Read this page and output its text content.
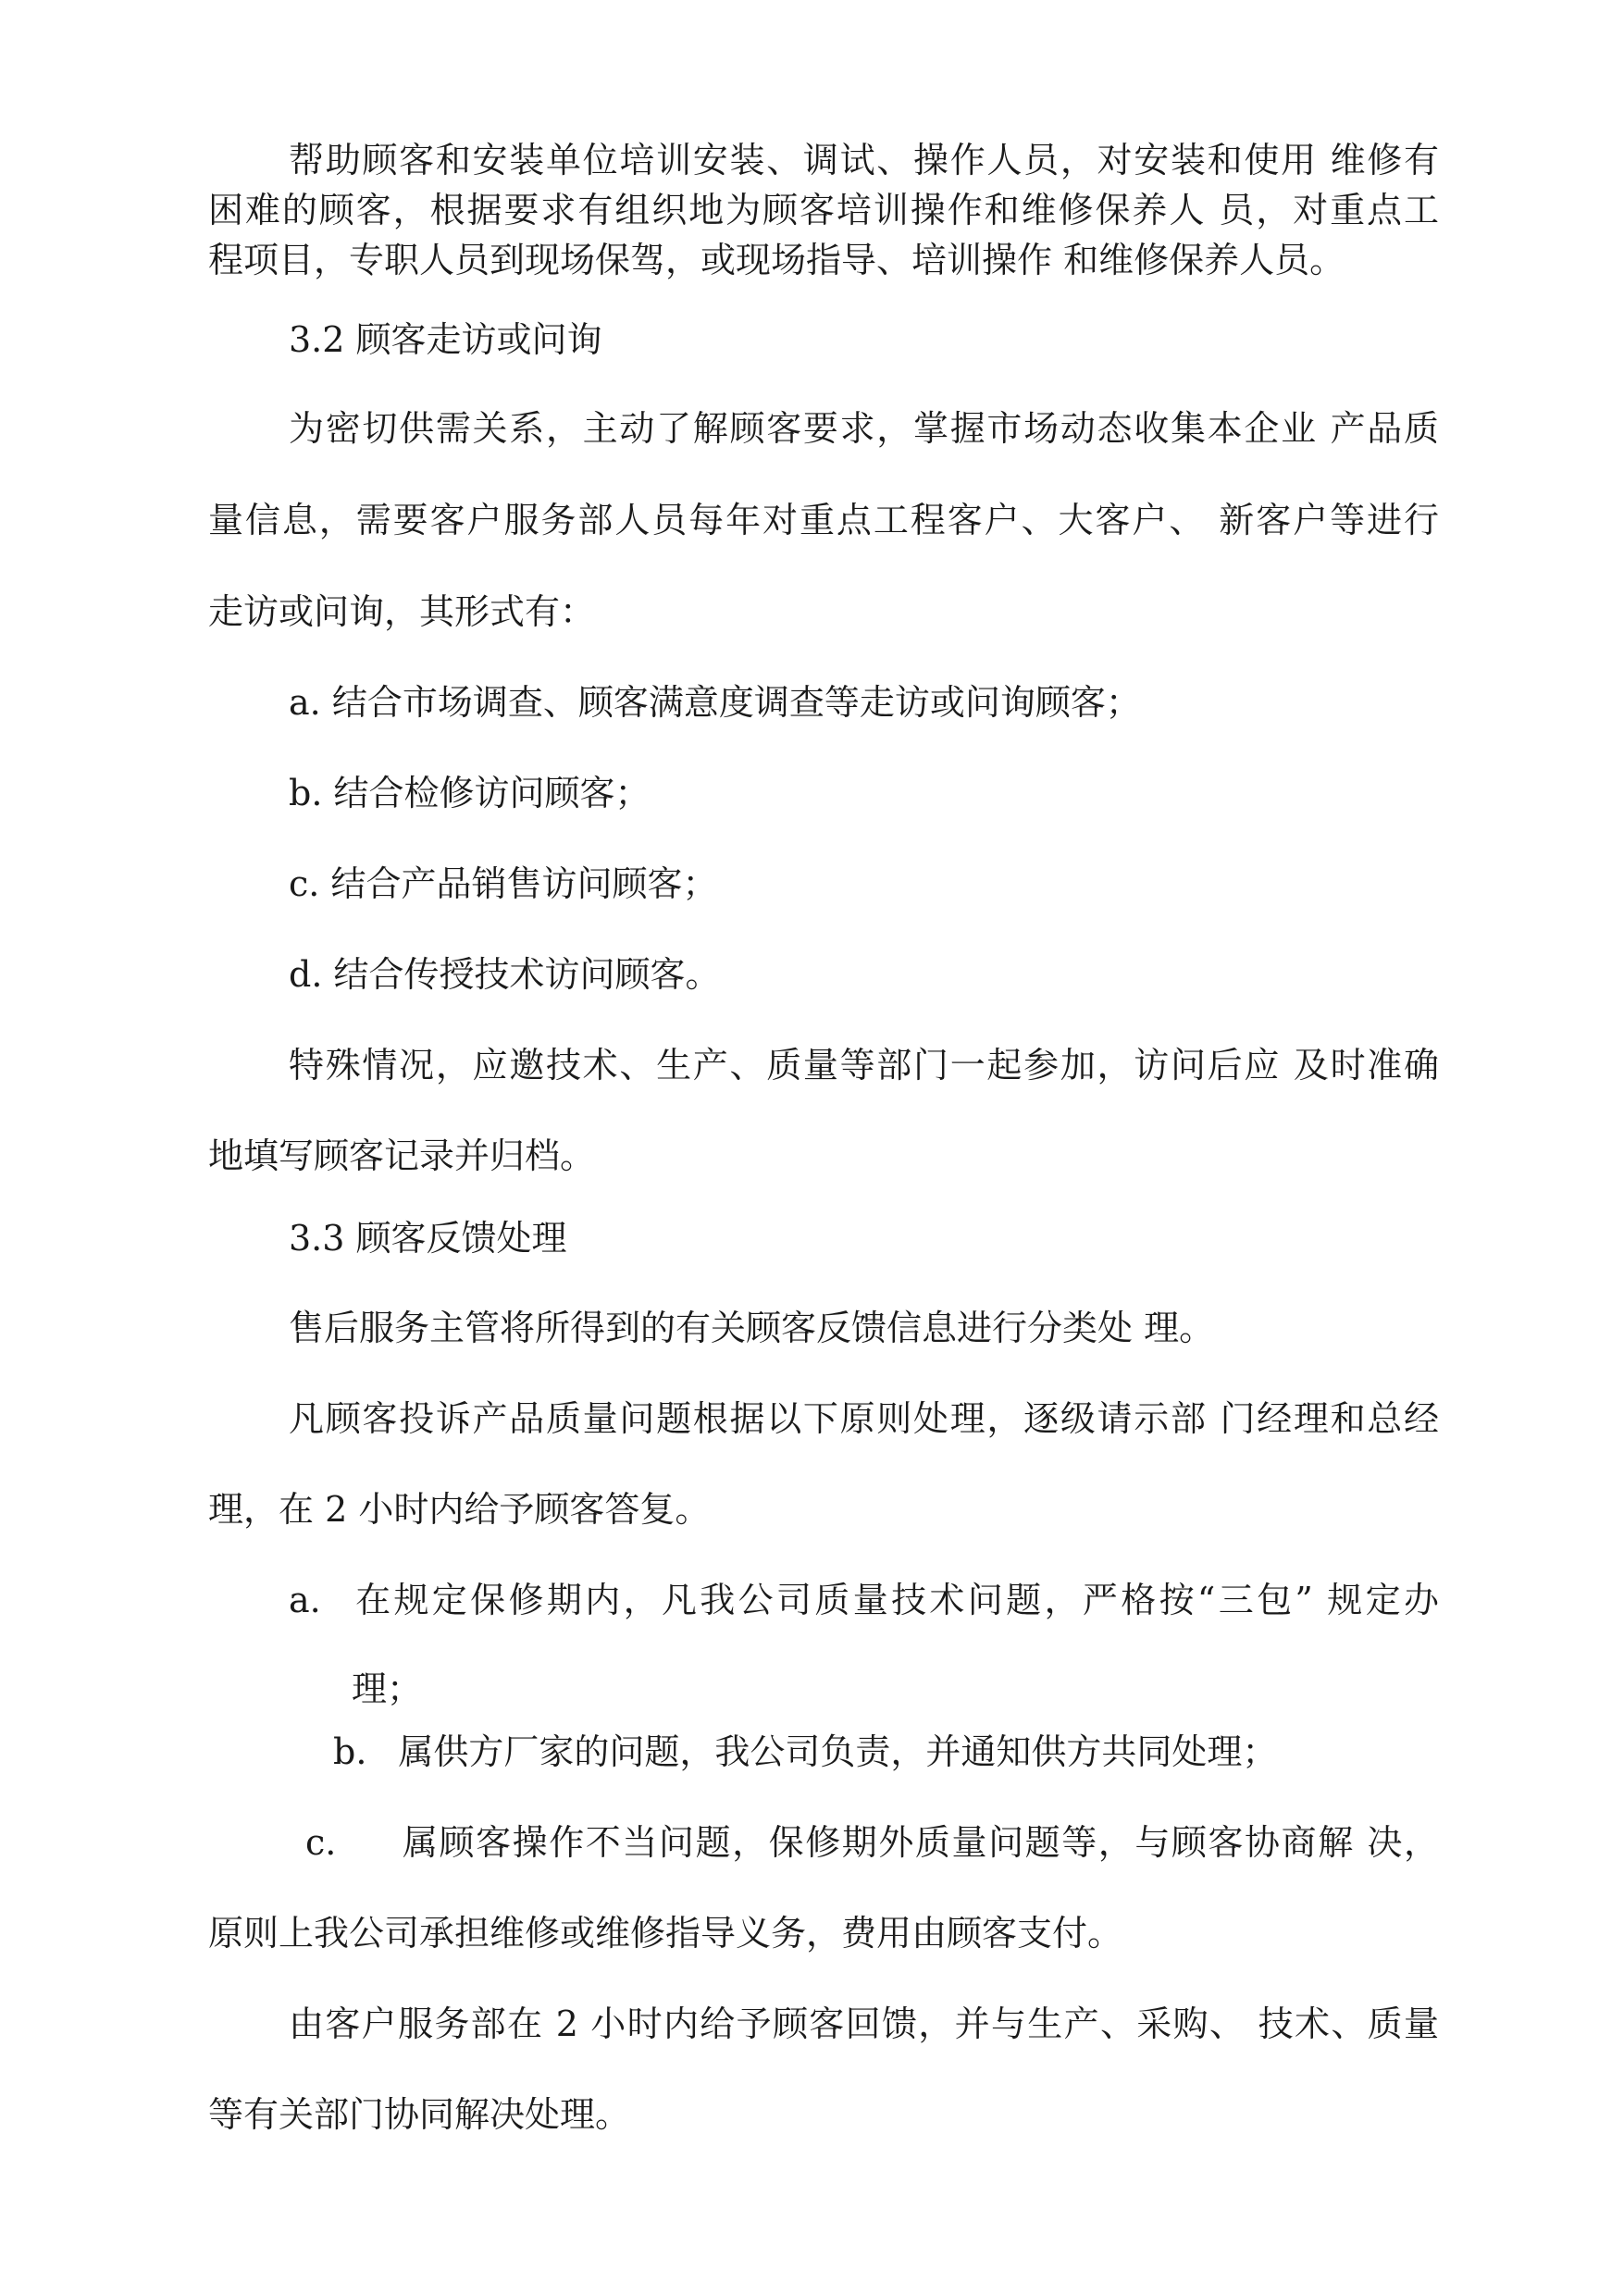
帮助顾客和安装单位培训安装、调试、操作人员，对安装和使用 维修有
困难的顾客，根据要求有组织地为顾客培训操作和维修保养人 员，对重点工
程项目，专职人员到现场保驾，或现场指导、培训操作 和维修保养人员。
3.2 顾客走访或问询
为密切供需关系，主动了解顾客要求，掌握市场动态收集本企业 产品质
量信息，需要客户服务部人员每年对重点工程客户、大客户、 新客户等进行
走访或问询，其形式有：
a. 结合市场调查、顾客满意度调查等走访或问询顾客；
b. 结合检修访问顾客；
c. 结合产品销售访问顾客；
d. 结合传授技术访问顾客。
特殊情况，应邀技术、生产、质量等部门一起参加，访问后应 及时准确
地填写顾客记录并归档。
3.3 顾客反馈处理
售后服务主管将所得到的有关顾客反馈信息进行分类处 理。
凡顾客投诉产品质量问题根据以下原则处理，逐级请示部 门经理和总经
理，在 2 小时内给予顾客答复。
a. 在规定保修期内，凡我公司质量技术问题，严格按“三包” 规定办
理；
b. 属供方厂家的问题，我公司负责，并通知供方共同处理；
c. 属顾客操作不当问题，保修期外质量问题等，与顾客协商解 决，
原则上我公司承担维修或维修指导义务，费用由顾客支付。
由客户服务部在 2 小时内给予顾客回馈，并与生产、采购、 技术、质量
等有关部门协同解决处理。
